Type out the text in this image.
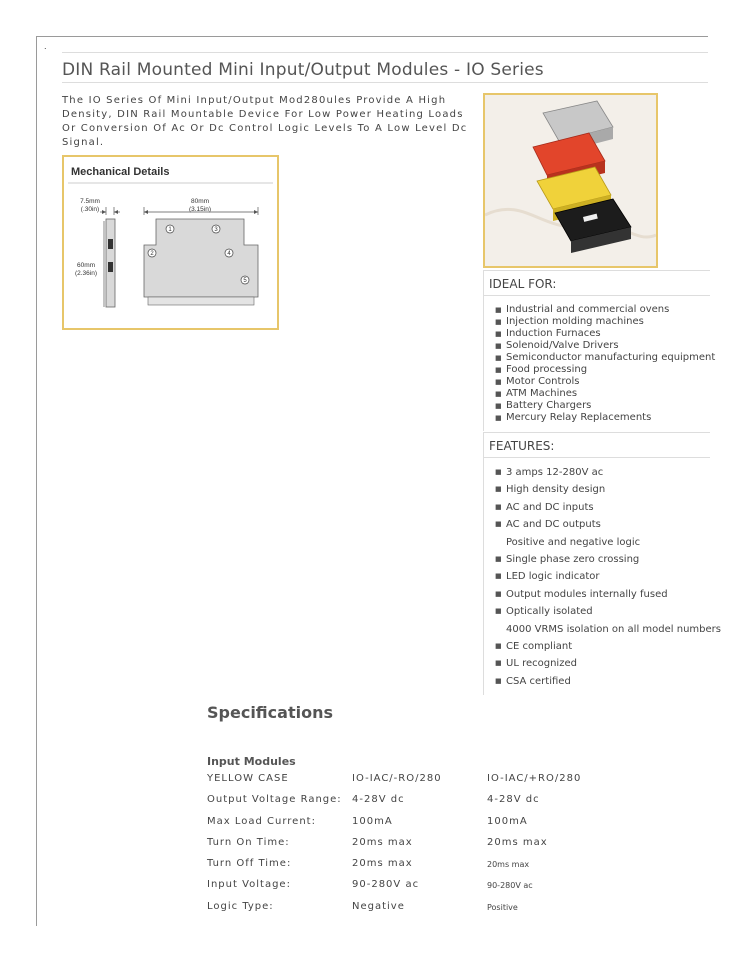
.
DIN Rail Mounted Mini Input/Output Modules - IO Series

The IO Series Of Mini Input/Output Mod280ules Provide A High Density, DIN Rail Mountable Device For Low Power Heating Loads Or Conversion Of Ac Or Dc Control Logic Levels To A Low Level Dc Signal.

Mechanical Details
7.5mm
(.30in)
80mm
(3.15in)
60mm
(2.36in)
1
2
3
4
5	IDEAL FOR:
■ Industrial and commercial ovens
■ Injection molding machines
■ Induction Furnaces
■ Solenoid/Valve Drivers
■ Semiconductor manufacturing equipment
■ Food processing
■ Motor Controls
■ ATM Machines
■ Battery Chargers
■ Mercury Relay Replacements
FEATURES:
■ 3 amps 12-280V ac
■ High density design
■ AC and DC inputs
■ AC and DC outputs
Positive and negative logic
■ Single phase zero crossing
■ LED logic indicator
■ Output modules internally fused
■ Optically isolated
4000 VRMS isolation on all model numbers
■ CE compliant
■ UL recognized
■ CSA certified
Specifications
Input Modules
YELLOW CASE	IO-IAC/-RO/280	IO-IAC/+RO/280
Output Voltage Range: 4-28V dc	4-28V dc
Max Load Current:	100mA	100mA
Turn On Time:	20ms max	20ms max
Turn Off Time:	20ms max	20ms max
Input Voltage:	90-280V ac	90-280V ac
Logic Type:	Negative	Positive
